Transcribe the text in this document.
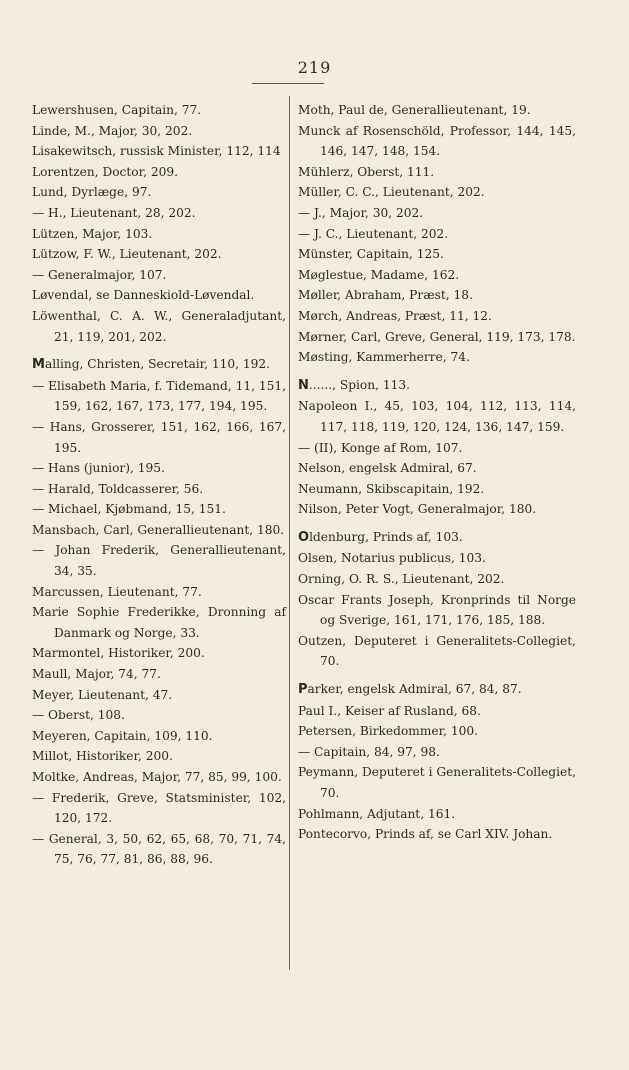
219
Lewershusen, Capitain, 77.
Linde, M., Major, 30, 202.
Lisakewitsch, russisk Minister, 112, 114
Lorentzen, Doctor, 209.
Lund, Dyrlæge, 97.
— H., Lieutenant, 28, 202.
Lützen, Major, 103.
Lützow, F. W., Lieutenant, 202.
— Generalmajor, 107.
Løvendal, se Danneskiold-Løvendal.
Löwenthal, C. A. W., Generaladjutant, 21, 119, 201, 202.
Malling, Christen, Secretair, 110, 192.
— Elisabeth Maria, f. Tidemand, 11, 151, 159, 162, 167, 173, 177, 194, 195.
— Hans, Grosserer, 151, 162, 166, 167, 195.
— Hans (junior), 195.
— Harald, Toldcasserer, 56.
— Michael, Kjøbmand, 15, 151.
Mansbach, Carl, Generallieutenant, 180.
— Johan Frederik, Generallieutenant, 34, 35.
Marcussen, Lieutenant, 77.
Marie Sophie Frederikke, Dronning af Danmark og Norge, 33.
Marmontel, Historiker, 200.
Maull, Major, 74, 77.
Meyer, Lieutenant, 47.
— Oberst, 108.
Meyeren, Capitain, 109, 110.
Millot, Historiker, 200.
Moltke, Andreas, Major, 77, 85, 99, 100.
— Frederik, Greve, Statsminister, 102, 120, 172.
— General, 3, 50, 62, 65, 68, 70, 71, 74, 75, 76, 77, 81, 86, 88, 96.
Moth, Paul de, Generallieutenant, 19.
Munck af Rosenschöld, Professor, 144, 145, 146, 147, 148, 154.
Mühlerz, Oberst, 111.
Müller, C. C., Lieutenant, 202.
— J., Major, 30, 202.
— J. C., Lieutenant, 202.
Münster, Capitain, 125.
Møglestue, Madame, 162.
Møller, Abraham, Præst, 18.
Mørch, Andreas, Præst, 11, 12.
Mørner, Carl, Greve, General, 119, 173, 178.
Møsting, Kammerherre, 74.
N......, Spion, 113.
Napoleon I., 45, 103, 104, 112, 113, 114, 117, 118, 119, 120, 124, 136, 147, 159.
— (II), Konge af Rom, 107.
Nelson, engelsk Admiral, 67.
Neumann, Skibscapitain, 192.
Nilson, Peter Vogt, Generalmajor, 180.
Oldenburg, Prinds af, 103.
Olsen, Notarius publicus, 103.
Orning, O. R. S., Lieutenant, 202.
Oscar Frants Joseph, Kronprinds til Norge og Sverige, 161, 171, 176, 185, 188.
Outzen, Deputeret i Generalitets-Collegiet, 70.
Parker, engelsk Admiral, 67, 84, 87.
Paul I., Keiser af Rusland, 68.
Petersen, Birkedommer, 100.
— Capitain, 84, 97, 98.
Peymann, Deputeret i Generalitets-Collegiet, 70.
Pohlmann, Adjutant, 161.
Pontecorvo, Prinds af, se Carl XIV. Johan.
